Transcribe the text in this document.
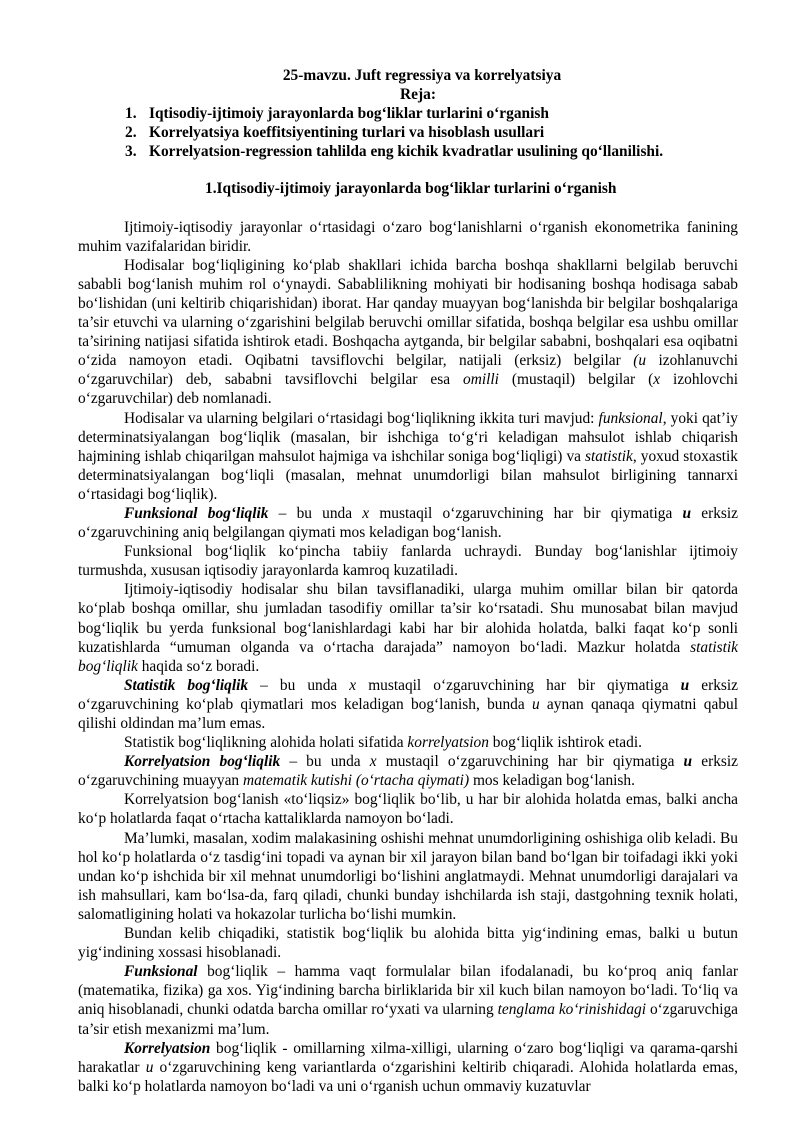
25-mavzu. Juft regressiya va korrelyatsiya

Reja:

1. Iqtisodiy-ijtimoiy jarayonlarda bog‘liklar turlarini o‘rganish
2. Korrelyatsiya koeffitsiyentining turlari va hisoblash usullari
3. Korrelyatsion-regression tahlilda eng kichik kvadratlar usulining qo‘llanilishi.

1.Iqtisodiy-ijtimoiy jarayonlarda bog‘liklar turlarini o‘rganish

Ijtimoiy-iqtisodiy jarayonlar o‘rtasidagi o‘zaro bog‘lanishlarni o‘rganish ekonometrika fanining muhim vazifalaridan biridir.

Hodisalar bog‘liqligining ko‘plab shakllari ichida barcha boshqa shakllarni belgilab beruvchi sababli bog‘lanish muhim rol o‘ynaydi. Sabablilikning mohiyati bir hodisaning boshqa hodisaga sabab bo‘lishidan (uni keltirib chiqarishidan) iborat. Har qanday muayyan bog‘lanishda bir belgilar boshqalariga ta’sir etuvchi va ularning o‘zgarishini belgilab beruvchi omillar sifatida, boshqa belgilar esa ushbu omillar ta’sirining natijasi sifatida ishtirok etadi. Boshqacha aytganda, bir belgilar sababni, boshqalari esa oqibatni o‘zida namoyon etadi. Oqibatni tavsiflovchi belgilar, natijali (erksiz) belgilar (u izohlanuvchi o‘zgaruvchilar) deb, sababni tavsiflovchi belgilar esa omilli (mustaqil) belgilar (x izohlovchi o‘zgaruvchilar) deb nomlanadi.

Hodisalar va ularning belgilari o‘rtasidagi bog‘liqlikning ikkita turi mavjud: funksional, yoki qat’iy determinatsiyalangan bog‘liqlik (masalan, bir ishchiga to‘g‘ri keladigan mahsulot ishlab chiqarish hajmining ishlab chiqarilgan mahsulot hajmiga va ishchilar soniga bog‘liqligi) va statistik, yoxud stoxastik determinatsiyalangan bog‘liqli (masalan, mehnat unumdorligi bilan mahsulot birligining tannarxi o‘rtasidagi bog‘liqlik).

Funksional bog‘liqlik – bu unda x mustaqil o‘zgaruvchining har bir qiymatiga u erksiz o‘zgaruvchining aniq belgilangan qiymati mos keladigan bog‘lanish.

Funksional bog‘liqlik ko‘pincha tabiiy fanlarda uchraydi. Bunday bog‘lanishlar ijtimoiy turmushda, xususan iqtisodiy jarayonlarda kamroq kuzatiladi.

Ijtimoiy-iqtisodiy hodisalar shu bilan tavsiflanadiki, ularga muhim omillar bilan bir qatorda ko‘plab boshqa omillar, shu jumladan tasodifiy omillar ta’sir ko‘rsatadi. Shu munosabat bilan mavjud bog‘liqlik bu yerda funksional bog‘lanishlardagi kabi har bir alohida holatda, balki faqat ko‘p sonli kuzatishlarda “umuman olganda va o‘rtacha darajada” namoyon bo‘ladi. Mazkur holatda statistik bog‘liqlik haqida so‘z boradi.

Statistik bog‘liqlik – bu unda x mustaqil o‘zgaruvchining har bir qiymatiga u erksiz o‘zgaruvchining ko‘plab qiymatlari mos keladigan bog‘lanish, bunda u aynan qanaqa qiymatni qabul qilishi oldindan ma’lum emas.

Statistik bog‘liqlikning alohida holati sifatida korrelyatsion bog‘liqlik ishtirok etadi.

Korrelyatsion bog‘liqlik – bu unda x mustaqil o‘zgaruvchining har bir qiymatiga u erksiz o‘zgaruvchining muayyan matematik kutishi (o‘rtacha qiymati) mos keladigan bog‘lanish.

Korrelyatsion bog‘lanish «to‘liqsiz» bog‘liqlik bo‘lib, u har bir alohida holatda emas, balki ancha ko‘p holatlarda faqat o‘rtacha kattaliklarda namoyon bo‘ladi.

Ma’lumki, masalan, xodim malakasining oshishi mehnat unumdorligining oshishiga olib keladi. Bu hol ko‘p holatlarda o‘z tasdig‘ini topadi va aynan bir xil jarayon bilan band bo‘lgan bir toifadagi ikki yoki undan ko‘p ishchida bir xil mehnat unumdorligi bo‘lishini anglatmaydi. Mehnat unumdorligi darajalari va ish mahsullari, kam bo‘lsa-da, farq qiladi, chunki bunday ishchilarda ish staji, dastgohning texnik holati, salomatligining holati va hokazolar turlicha bo‘lishi mumkin.

Bundan kelib chiqadiki, statistik bog‘liqlik bu alohida bitta yig‘indining emas, balki u butun yig‘indining xossasi hisoblanadi.

Funksional bog‘liqlik – hamma vaqt formulalar bilan ifodalanadi, bu ko‘proq aniq fanlar (matematika, fizika) ga xos. Yig‘indining barcha birliklarida bir xil kuch bilan namoyon bo‘ladi. To‘liq va aniq hisoblanadi, chunki odatda barcha omillar ro‘yxati va ularning tenglama ko‘rinishidagi o‘zgaruvchiga ta’sir etish mexanizmi ma’lum.

Korrelyatsion bog‘liqlik - omillarning xilma-xilligi, ularning o‘zaro bog‘liqligi va qarama-qarshi harakatlar u o‘zgaruvchining keng variantlarda o‘zgarishini keltirib chiqaradi. Alohida holatlarda emas, balki ko‘p holatlarda namoyon bo‘ladi va uni o‘rganish uchun ommaviy kuzatuvlar
